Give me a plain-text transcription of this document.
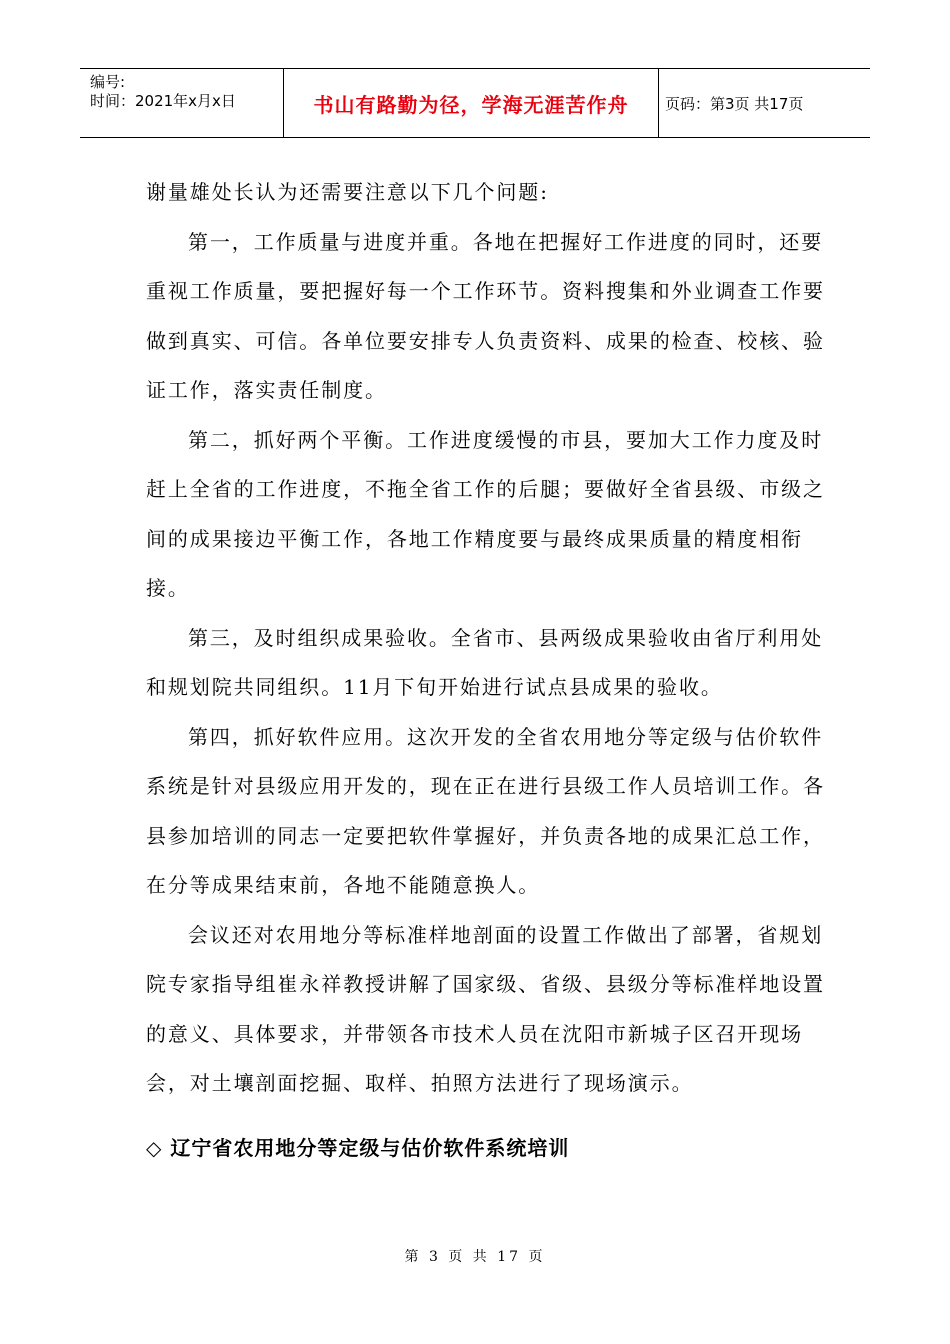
编号:
时间：2021年x月x日	书山有路勤为径，学海无涯苦作舟	页码：第3页 共17页

谢量雄处长认为还需要注意以下几个问题:

第一，工作质量与进度并重。各地在把握好工作进度的同时，还要重视工作质量，要把握好每一个工作环节。资料搜集和外业调查工作要做到真实、可信。各单位要安排专人负责资料、成果的检查、校核、验证工作，落实责任制度。

第二，抓好两个平衡。工作进度缓慢的市县，要加大工作力度及时赶上全省的工作进度，不拖全省工作的后腿；要做好全省县级、市级之间的成果接边平衡工作，各地工作精度要与最终成果质量的精度相衔接。

第三，及时组织成果验收。全省市、县两级成果验收由省厅利用处和规划院共同组织。11月下旬开始进行试点县成果的验收。

第四，抓好软件应用。这次开发的全省农用地分等定级与估价软件系统是针对县级应用开发的，现在正在进行县级工作人员培训工作。各县参加培训的同志一定要把软件掌握好，并负责各地的成果汇总工作，在分等成果结束前，各地不能随意换人。

会议还对农用地分等标准样地剖面的设置工作做出了部署，省规划院专家指导组崔永祥教授讲解了国家级、省级、县级分等标准样地设置的意义、具体要求，并带领各市技术人员在沈阳市新城子区召开现场会，对土壤剖面挖掘、取样、拍照方法进行了现场演示。

◇ 辽宁省农用地分等定级与估价软件系统培训
第 3 页 共 17 页
